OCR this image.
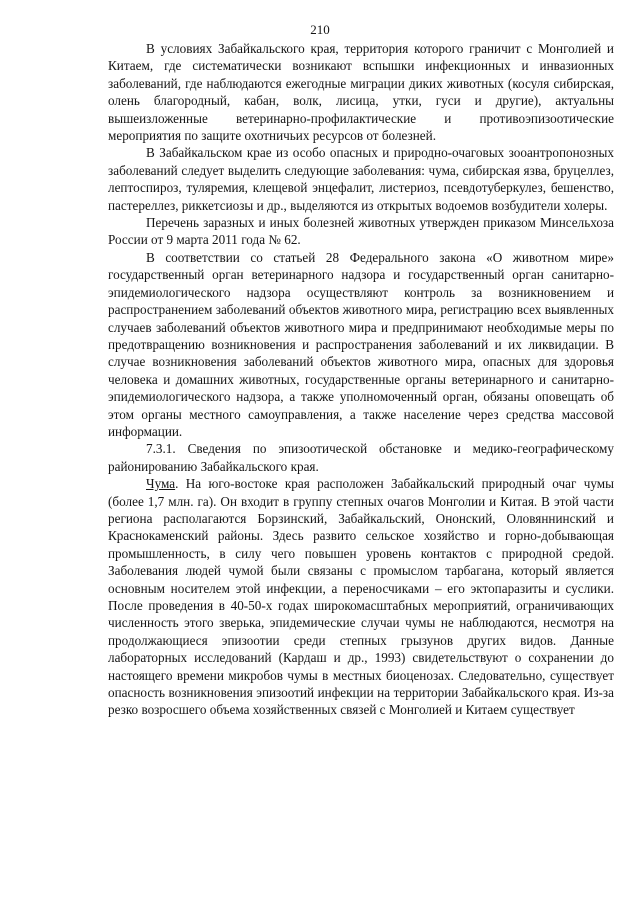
210

В условиях Забайкальского края, территория которого граничит с Монголией и Китаем, где систематически возникают вспышки инфекционных и инвазионных заболеваний, где наблюдаются ежегодные миграции диких животных (косуля сибирская, олень благородный, кабан, волк, лисица, утки, гуси и другие), актуальны вышеизложенные ветеринарно-профилактические и противоэпизоотические мероприятия по защите охотничьих ресурсов от болезней.

В Забайкальском крае из особо опасных и природно-очаговых зооантропонозных заболеваний следует выделить следующие заболевания: чума, сибирская язва, бруцеллез, лептоспироз, туляремия, клещевой энцефалит, листериоз, псевдотуберкулез, бешенство, пастереллез, риккетсиозы и др., выделяются из открытых водоемов возбудители холеры.

Перечень заразных и иных болезней животных утвержден приказом Минсельхоза России от 9 марта 2011 года № 62.

В соответствии со статьей 28 Федерального закона «О животном мире» государственный орган ветеринарного надзора и государственный орган санитарно-эпидемиологического надзора осуществляют контроль за возникновением и распространением заболеваний объектов животного мира, регистрацию всех выявленных случаев заболеваний объектов животного мира и предпринимают необходимые меры по предотвращению возникновения и распространения заболеваний и их ликвидации. В случае возникновения заболеваний объектов животного мира, опасных для здоровья человека и домашних животных, государственные органы ветеринарного и санитарно-эпидемиологического надзора, а также уполномоченный орган, обязаны оповещать об этом органы местного самоуправления, а также население через средства массовой информации.

7.3.1. Сведения по эпизоотической обстановке и медико-географическому районированию Забайкальского края.

Чума. На юго-востоке края расположен Забайкальский природный очаг чумы (более 1,7 млн. га). Он входит в группу степных очагов Монголии и Китая. В этой части региона располагаются Борзинский, Забайкальский, Ононский, Оловяннинский и Краснокаменский районы. Здесь развито сельское хозяйство и горно-добывающая промышленность, в силу чего повышен уровень контактов с природной средой. Заболевания людей чумой были связаны с промыслом тарбагана, который является основным носителем этой инфекции, а переносчиками – его эктопаразиты и суслики. После проведения в 40-50-х годах широкомасштабных мероприятий, ограничивающих численность этого зверька, эпидемические случаи чумы не наблюдаются, несмотря на продолжающиеся эпизоотии среди степных грызунов других видов. Данные лабораторных исследований (Кардаш и др., 1993) свидетельствуют о сохранении до настоящего времени микробов чумы в местных биоценозах. Следовательно, существует опасность возникновения эпизоотий инфекции на территории Забайкальского края. Из-за резко возросшего объема хозяйственных связей с Монголией и Китаем существует
